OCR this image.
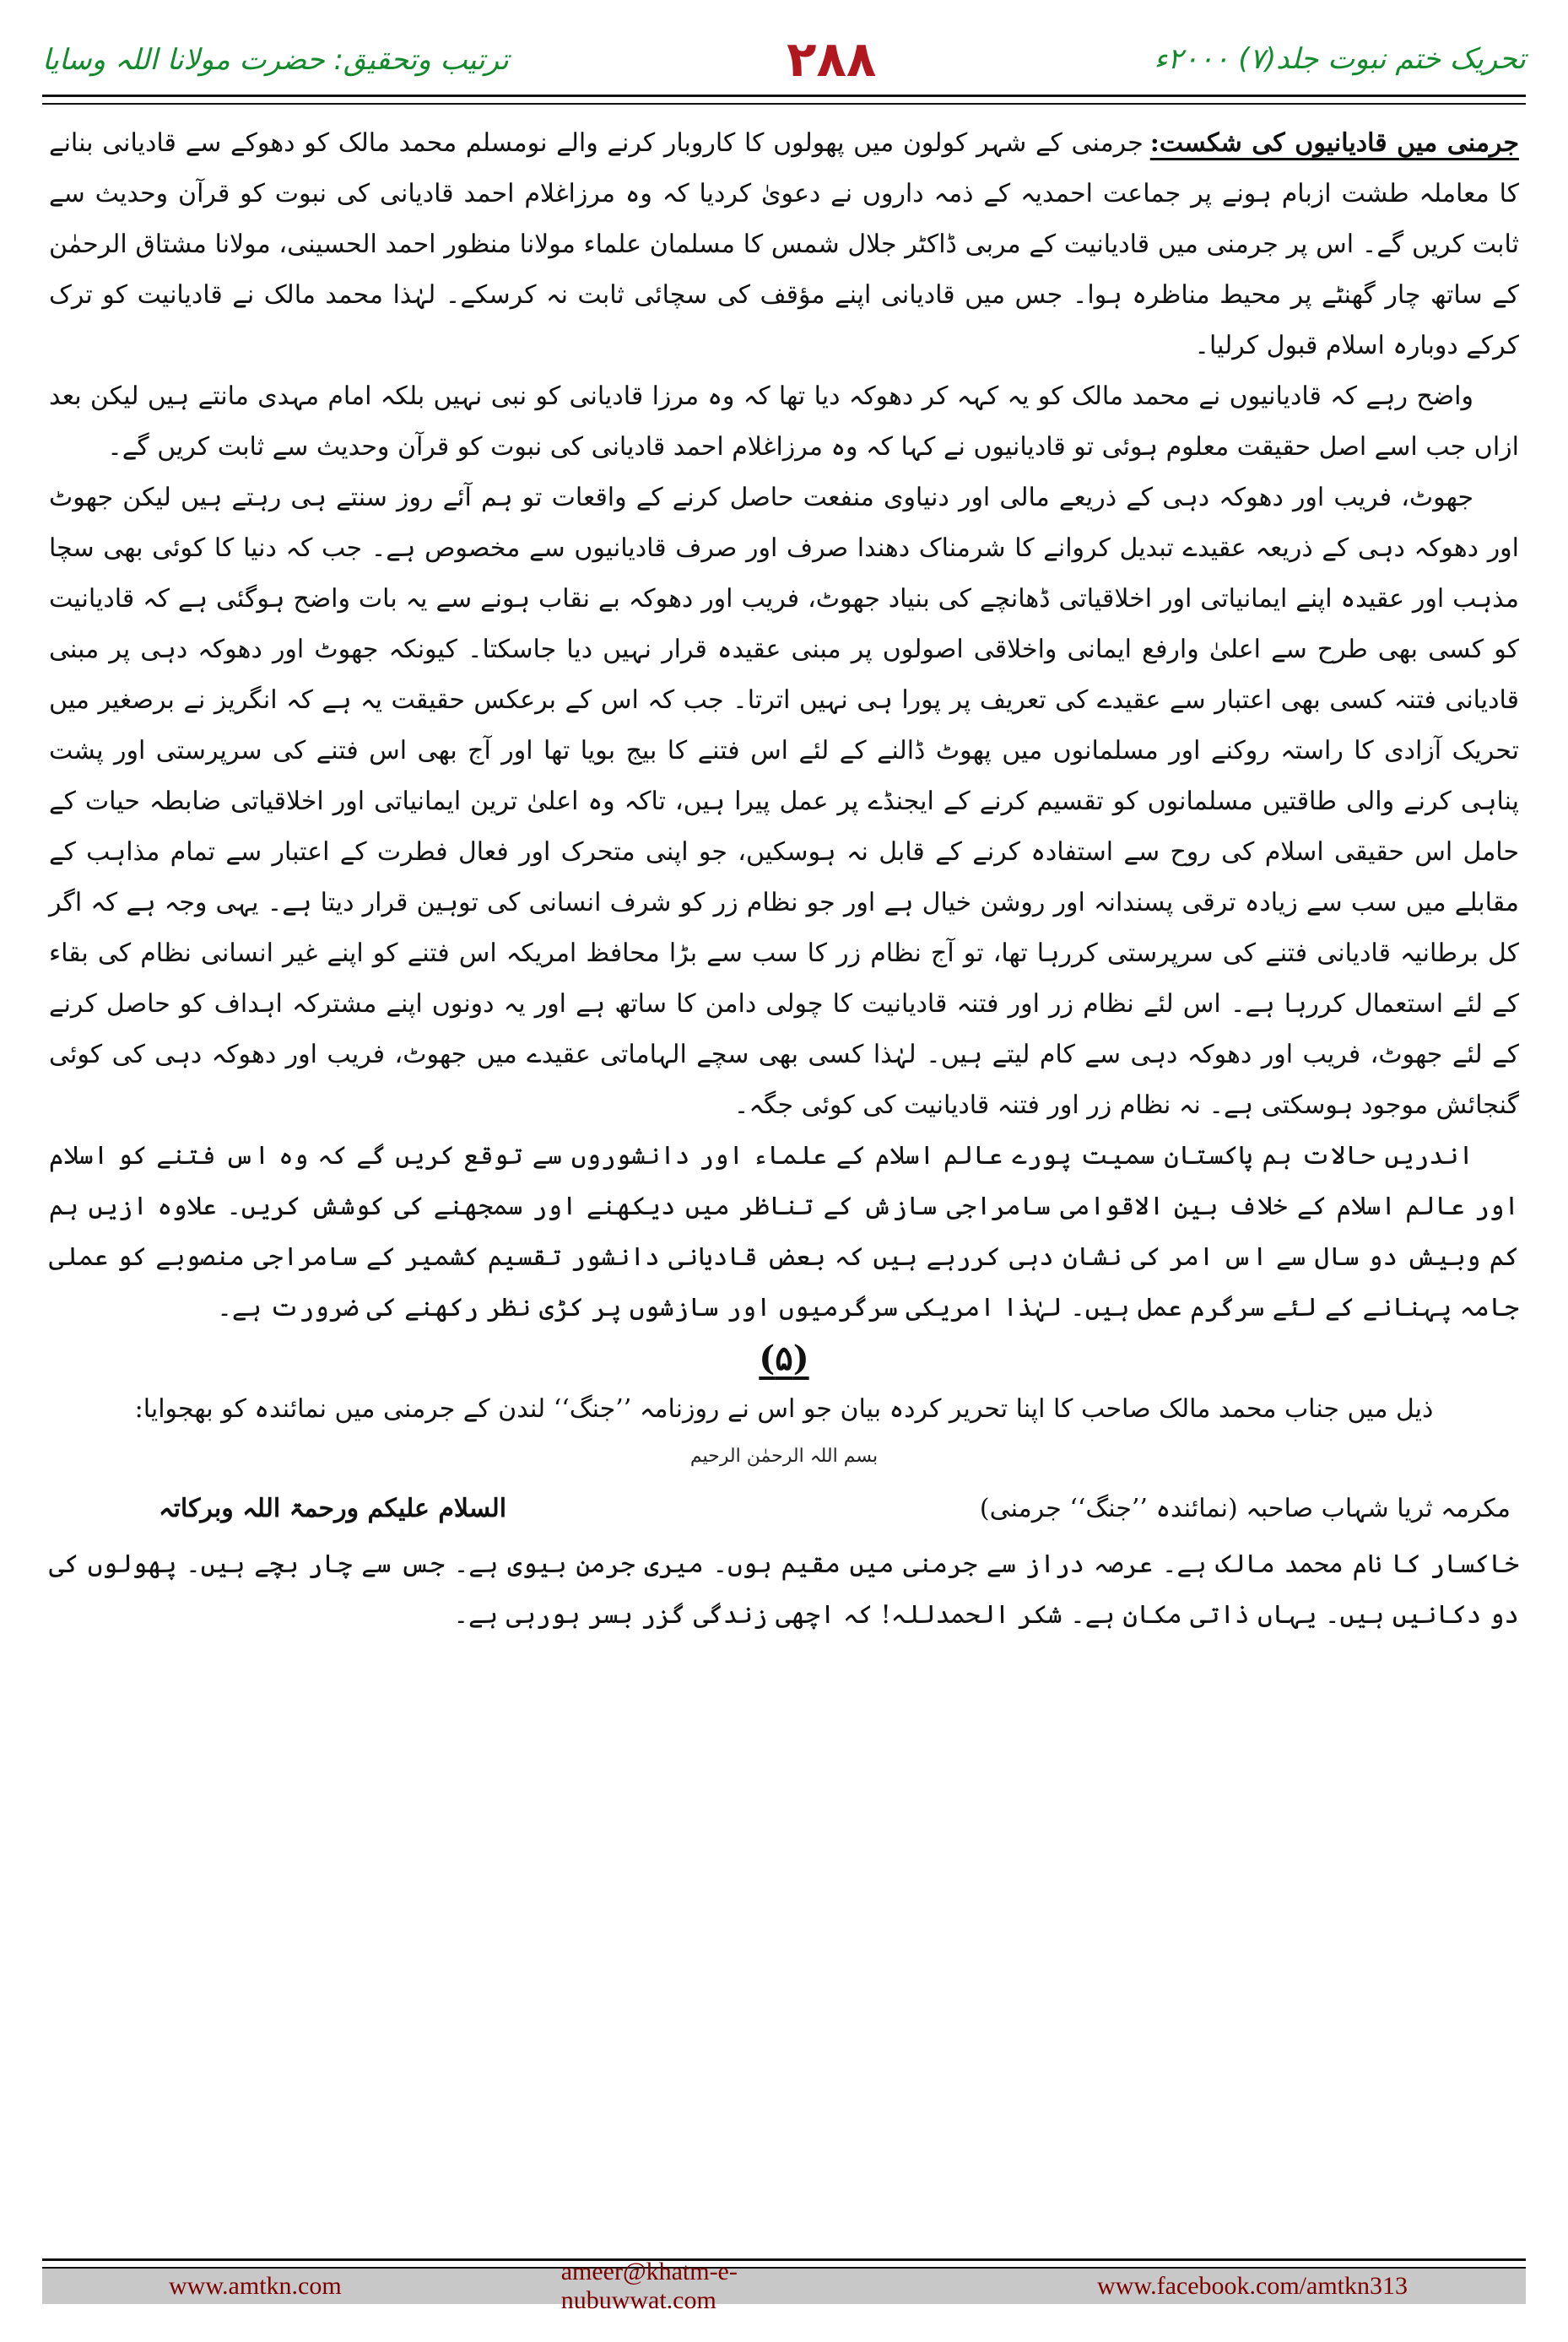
ترتیب وتحقیق: حضرت مولانا اللہ وسایا	۲۸۸	تحریک ختم نبوت جلد(۷) ۲۰۰۰ء

جرمنی میں قادیانیوں کی شکست:جرمنی کے شہر کولون میں پھولوں کا کاروبار کرنے والے نومسلم محمد مالک کو دھوکے سے قادیانی بنانے کا معاملہ طشت ازبام ہونے پر جماعت احمدیہ کے ذمہ داروں نے دعویٰ کردیا کہ وہ مرزاغلام احمد قادیانی کی نبوت کو قرآن وحدیث سے ثابت کریں گے۔ اس پر جرمنی میں قادیانیت کے مربی ڈاکٹر جلال شمس کا مسلمان علماء مولانا منظور احمد الحسینی، مولانا مشتاق الرحمٰن کے ساتھ چار گھنٹے پر محیط مناظرہ ہوا۔ جس میں قادیانی اپنے مؤقف کی سچائی ثابت نہ کرسکے۔ لہٰذا محمد مالک نے قادیانیت کو ترک کرکے دوبارہ اسلام قبول کرلیا۔

واضح رہے کہ قادیانیوں نے محمد مالک کو یہ کہہ کر دھوکہ دیا تھا کہ وہ مرزا قادیانی کو نبی نہیں بلکہ امام مہدی مانتے ہیں لیکن بعد ازاں جب اسے اصل حقیقت معلوم ہوئی تو قادیانیوں نے کہا کہ وہ مرزاغلام احمد قادیانی کی نبوت کو قرآن وحدیث سے ثابت کریں گے۔

جھوٹ، فریب اور دھوکہ دہی کے ذریعے مالی اور دنیاوی منفعت حاصل کرنے کے واقعات تو ہم آئے روز سنتے ہی رہتے ہیں لیکن جھوٹ اور دھوکہ دہی کے ذریعہ عقیدے تبدیل کروانے کا شرمناک دھندا صرف اور صرف قادیانیوں سے مخصوص ہے۔ جب کہ دنیا کا کوئی بھی سچا مذہب اور عقیدہ اپنے ایمانیاتی اور اخلاقیاتی ڈھانچے کی بنیاد جھوٹ، فریب اور دھوکہ بے نقاب ہونے سے یہ بات واضح ہوگئی ہے کہ قادیانیت کو کسی بھی طرح سے اعلیٰ وارفع ایمانی واخلاقی اصولوں پر مبنی عقیدہ قرار نہیں دیا جاسکتا۔ کیونکہ جھوٹ اور دھوکہ دہی پر مبنی قادیانی فتنہ کسی بھی اعتبار سے عقیدے کی تعریف پر پورا ہی نہیں اترتا۔ جب کہ اس کے برعکس حقیقت یہ ہے کہ انگریز نے برصغیر میں تحریک آزادی کا راستہ روکنے اور مسلمانوں میں پھوٹ ڈالنے کے لئے اس فتنے کا بیج بویا تھا اور آج بھی اس فتنے کی سرپرستی اور پشت پناہی کرنے والی طاقتیں مسلمانوں کو تقسیم کرنے کے ایجنڈے پر عمل پیرا ہیں، تاکہ وہ اعلیٰ ترین ایمانیاتی اور اخلاقیاتی ضابطہ حیات کے حامل اس حقیقی اسلام کی روح سے استفادہ کرنے کے قابل نہ ہوسکیں، جو اپنی متحرک اور فعال فطرت کے اعتبار سے تمام مذاہب کے مقابلے میں سب سے زیادہ ترقی پسندانہ اور روشن خیال ہے اور جو نظام زر کو شرف انسانی کی توہین قرار دیتا ہے۔ یہی وجہ ہے کہ اگر کل برطانیہ قادیانی فتنے کی سرپرستی کررہا تھا، تو آج نظام زر کا سب سے بڑا محافظ امریکہ اس فتنے کو اپنے غیر انسانی نظام کی بقاء کے لئے استعمال کررہا ہے۔ اس لئے نظام زر اور فتنہ قادیانیت کا چولی دامن کا ساتھ ہے اور یہ دونوں اپنے مشترکہ اہداف کو حاصل کرنے کے لئے جھوٹ، فریب اور دھوکہ دہی سے کام لیتے ہیں۔ لہٰذا کسی بھی سچے الہاماتی عقیدے میں جھوٹ، فریب اور دھوکہ دہی کی کوئی گنجائش موجود ہوسکتی ہے۔ نہ نظام زر اور فتنہ قادیانیت کی کوئی جگہ۔

اندریں حالات ہم پاکستان سمیت پورے عالم اسلام کے علماء اور دانشوروں سے توقع کریں گے کہ وہ اس فتنے کو اسلام اور عالم اسلام کے خلاف بین الاقوامی سامراجی سازش کے تناظر میں دیکھنے اور سمجھنے کی کوشش کریں۔ علاوہ ازیں ہم کم وبیش دو سال سے اس امر کی نشان دہی کررہے ہیں کہ بعض قادیانی دانشور تقسیم کشمیر کے سامراجی منصوبے کو عملی جامہ پہنانے کے لئے سرگرم عمل ہیں۔ لہٰذا امریکی سرگرمیوں اور سازشوں پر کڑی نظر رکھنے کی ضرورت ہے۔

(۵)

ذیل میں جناب محمد مالک صاحب کا اپنا تحریر کردہ بیان جو اس نے روزنامہ ’’جنگ‘‘ لندن کے جرمنی میں نمائندہ کو بھجوایا:

بسم اللہ الرحمٰن الرحیم

مکرمہ ثریا شہاب صاحبہ (نمائندہ ’’جنگ‘‘ جرمنی)
السلام علیکم ورحمۃ اللہ وبرکاتہ

خاکسار کا نام محمد مالک ہے۔ عرصہ دراز سے جرمنی میں مقیم ہوں۔ میری جرمن بیوی ہے۔ جس سے چار بچے ہیں۔ پھولوں کی دو دکانیں ہیں۔ یہاں ذاتی مکان ہے۔ شکر الحمدللہ! کہ اچھی زندگی گزر بسر ہورہی ہے۔

www.amtkn.com
ameer@khatm-e-nubuwwat.com
www.facebook.com/amtkn313
